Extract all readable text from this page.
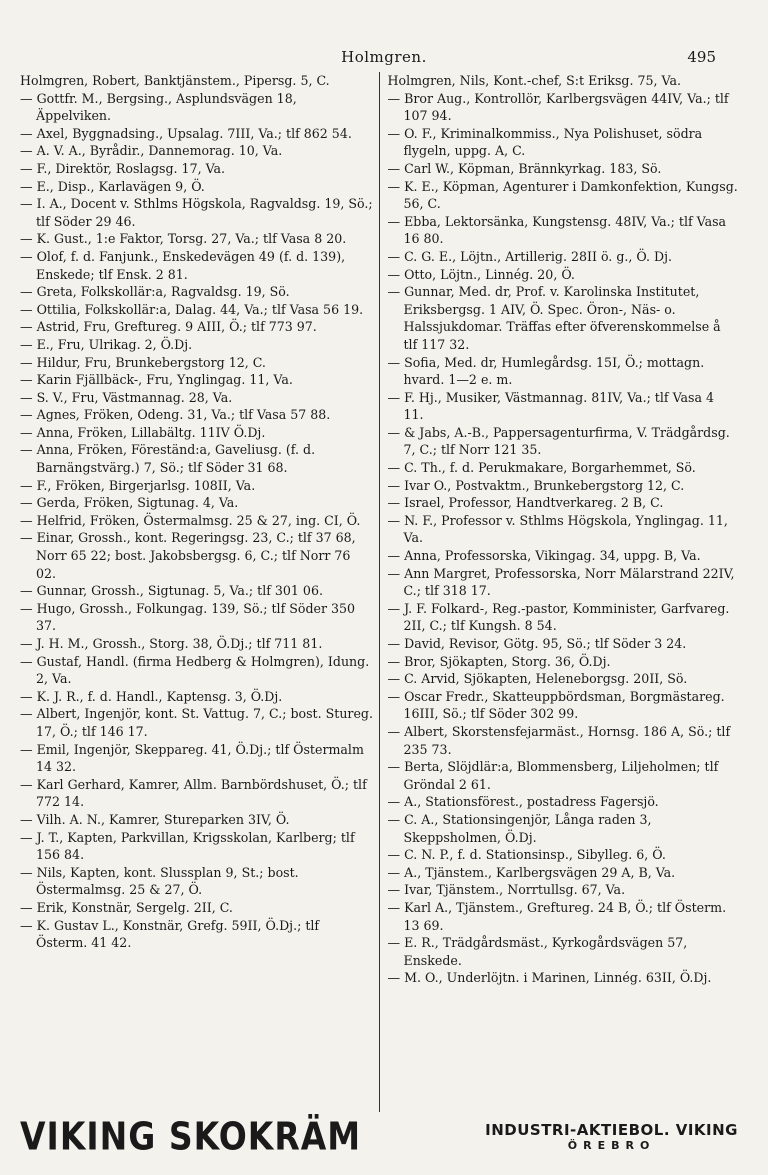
Holmgren.	495
Holmgren, Robert, Banktjänstem., Pipersg. 5, C.
— Gottfr. M., Bergsing., Asplundsvägen 18, Äppelviken.
— Axel, Byggnadsing., Upsalag. 7III, Va.; tlf 862 54.
— A. V. A., Byrådir., Dannemorag. 10, Va.
— F., Direktör, Roslagsg. 17, Va.
— E., Disp., Karlavägen 9, Ö.
— I. A., Docent v. Sthlms Högskola, Ragvaldsg. 19, Sö.; tlf Söder 29 46.
— K. Gust., 1:e Faktor, Torsg. 27, Va.; tlf Vasa 8 20.
— Olof, f. d. Fanjunk., Enskedevägen 49 (f. d. 139), Enskede; tlf Ensk. 2 81.
— Greta, Folkskollär:a, Ragvaldsg. 19, Sö.
— Ottilia, Folkskollär:a, Dalag. 44, Va.; tlf Vasa 56 19.
— Astrid, Fru, Greftureg. 9 AIII, Ö.; tlf 773 97.
— E., Fru, Ulrikag. 2, Ö.Dj.
— Hildur, Fru, Brunkebergstorg 12, C.
— Karin Fjällbäck-, Fru, Ynglingag. 11, Va.
— S. V., Fru, Västmannag. 28, Va.
— Agnes, Fröken, Odeng. 31, Va.; tlf Vasa 57 88.
— Anna, Fröken, Lillabältg. 11IV Ö.Dj.
— Anna, Fröken, Föreständ:a, Gaveliusg. (f. d. Barnängstvärg.) 7, Sö.; tlf Söder 31 68.
— F., Fröken, Birgerjarlsg. 108II, Va.
— Gerda, Fröken, Sigtunag. 4, Va.
— Helfrid, Fröken, Östermalmsg. 25 & 27, ing. CI, Ö.
— Einar, Grossh., kont. Regeringsg. 23, C.; tlf 37 68, Norr 65 22; bost. Jakobsbergsg. 6, C.; tlf Norr 76 02.
— Gunnar, Grossh., Sigtunag. 5, Va.; tlf 301 06.
— Hugo, Grossh., Folkungag. 139, Sö.; tlf Söder 350 37.
— J. H. M., Grossh., Storg. 38, Ö.Dj.; tlf 711 81.
— Gustaf, Handl. (firma Hedberg & Holmgren), Idung. 2, Va.
— K. J. R., f. d. Handl., Kaptensg. 3, Ö.Dj.
— Albert, Ingenjör, kont. St. Vattug. 7, C.; bost. Stureg. 17, Ö.; tlf 146 17.
— Emil, Ingenjör, Skeppareg. 41, Ö.Dj.; tlf Östermalm 14 32.
— Karl Gerhard, Kamrer, Allm. Barnbördshuset, Ö.; tlf 772 14.
— Vilh. A. N., Kamrer, Stureparken 3IV, Ö.
— J. T., Kapten, Parkvillan, Krigsskolan, Karlberg; tlf 156 84.
— Nils, Kapten, kont. Slussplan 9, St.; bost. Östermalmsg. 25 & 27, Ö.
— Erik, Konstnär, Sergelg. 2II, C.
— K. Gustav L., Konstnär, Grefg. 59II, Ö.Dj.; tlf Österm. 41 42.
Holmgren, Nils, Kont.-chef, S:t Eriksg. 75, Va.
— Bror Aug., Kontrollör, Karlbergsvägen 44IV, Va.; tlf 107 94.
— O. F., Kriminalkommiss., Nya Polishuset, södra flygeln, uppg. A, C.
— Carl W., Köpman, Brännkyrkag. 183, Sö.
— K. E., Köpman, Agenturer i Damkonfektion, Kungsg. 56, C.
— Ebba, Lektorsänka, Kungstensg. 48IV, Va.; tlf Vasa 16 80.
— C. G. E., Löjtn., Artillerig. 28II ö. g., Ö. Dj.
— Otto, Löjtn., Linnég. 20, Ö.
— Gunnar, Med. dr, Prof. v. Karolinska Institutet, Eriksbergsg. 1 AIV, Ö. Spec. Öron-, Näs- o. Halssjukdomar. Träffas efter öfverenskommelse å tlf 117 32.
— Sofia, Med. dr, Humlegårdsg. 15I, Ö.; mottagn. hvard. 1—2 e. m.
— F. Hj., Musiker, Västmannag. 81IV, Va.; tlf Vasa 4 11.
— & Jabs, A.-B., Pappersagenturfirma, V. Trädgårdsg. 7, C.; tlf Norr 121 35.
— C. Th., f. d. Perukmakare, Borgarhemmet, Sö.
— Ivar O., Postvaktm., Brunkebergstorg 12, C.
— Israel, Professor, Handtverkareg. 2 B, C.
— N. F., Professor v. Sthlms Högskola, Ynglingag. 11, Va.
— Anna, Professorska, Vikingag. 34, uppg. B, Va.
— Ann Margret, Professorska, Norr Mälarstrand 22IV, C.; tlf 318 17.
— J. F. Folkard-, Reg.-pastor, Komminister, Garfvareg. 2II, C.; tlf Kungsh. 8 54.
— David, Revisor, Götg. 95, Sö.; tlf Söder 3 24.
— Bror, Sjökapten, Storg. 36, Ö.Dj.
— C. Arvid, Sjökapten, Heleneborgsg. 20II, Sö.
— Oscar Fredr., Skatteuppbördsman, Borgmästareg. 16III, Sö.; tlf Söder 302 99.
— Albert, Skorstensfejarmäst., Hornsg. 186 A, Sö.; tlf 235 73.
— Berta, Slöjdlär:a, Blommensberg, Liljeholmen; tlf Gröndal 2 61.
— A., Stationsförest., postadress Fagersjö.
— C. A., Stationsingenjör, Långa raden 3, Skeppsholmen, Ö.Dj.
— C. N. P., f. d. Stationsinsp., Sibylleg. 6, Ö.
— A., Tjänstem., Karlbergsvägen 29 A, B, Va.
— Ivar, Tjänstem., Norrtullsg. 67, Va.
— Karl A., Tjänstem., Greftureg. 24 B, Ö.; tlf Österm. 13 69.
— E. R., Trädgårdsmäst., Kyrkogårdsvägen 57, Enskede.
— M. O., Underlöjtn. i Marinen, Linnég. 63II, Ö.Dj.
VIKING SKOKRÄM	INDUSTRI-AKTIEBOL. VIKING
ÖREBRO
